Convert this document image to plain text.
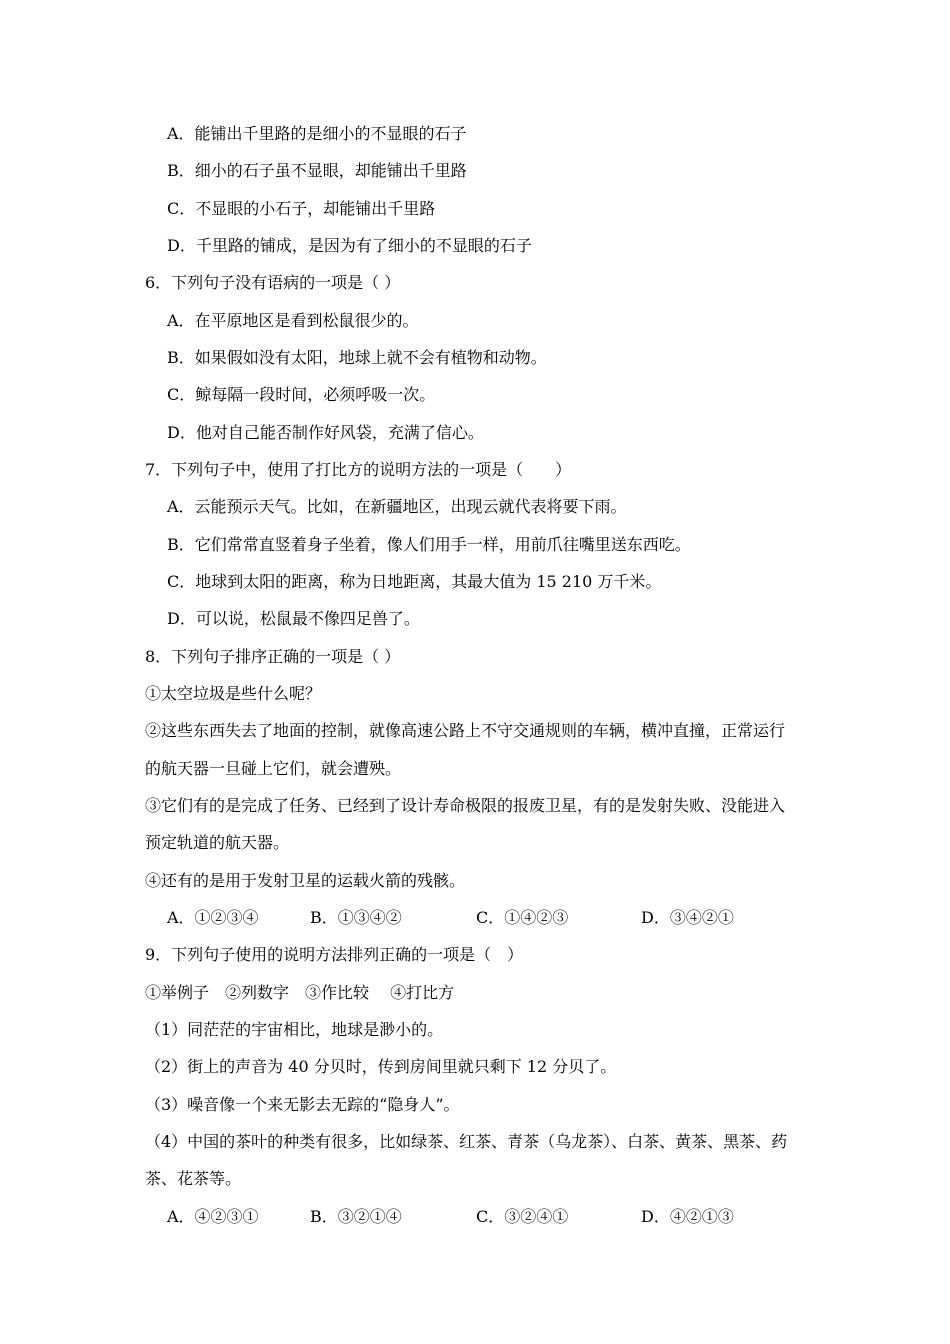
A．能铺出千里路的是细小的不显眼的石子
B．细小的石子虽不显眼，却能铺出千里路
C．不显眼的小石子，却能铺出千里路
D．千里路的铺成，是因为有了细小的不显眼的石子
6．下列句子没有语病的一项是（ ）
A．在平原地区是看到松鼠很少的。
B．如果假如没有太阳，地球上就不会有植物和动物。
C．鲸每隔一段时间，必须呼吸一次。
D．他对自己能否制作好风袋，充满了信心。
7．下列句子中，使用了打比方的说明方法的一项是（　　）
A．云能预示天气。比如，在新疆地区，出现云就代表将要下雨。
B．它们常常直竖着身子坐着，像人们用手一样，用前爪往嘴里送东西吃。
C．地球到太阳的距离，称为日地距离，其最大值为 15 210 万千米。
D．可以说，松鼠最不像四足兽了。
8．下列句子排序正确的一项是（ ）
①太空垃圾是些什么呢？
②这些东西失去了地面的控制，就像高速公路上不守交通规则的车辆，横冲直撞，正常运行
的航天器一旦碰上它们，就会遭殃。
③它们有的是完成了任务、已经到了设计寿命极限的报废卫星，有的是发射失败、没能进入
预定轨道的航天器。
④还有的是用于发射卫星的运载火箭的残骸。
A．①②③④	B．①③④②	C．①④②③	D．③④②①
9．下列句子使用的说明方法排列正确的一项是（　）
①举例子　②列数字　③作比较　 ④打比方
（1）同茫茫的宇宙相比，地球是渺小的。
（2）街上的声音为 40 分贝时，传到房间里就只剩下 12 分贝了。
（3）噪音像一个来无影去无踪的“隐身人”。
（4）中国的茶叶的种类有很多，比如绿茶、红茶、青茶（乌龙茶）、白茶、黄茶、黑茶、药
茶、花茶等。
A．④②③①	B．③②①④	C．③②④①	D．④②①③
